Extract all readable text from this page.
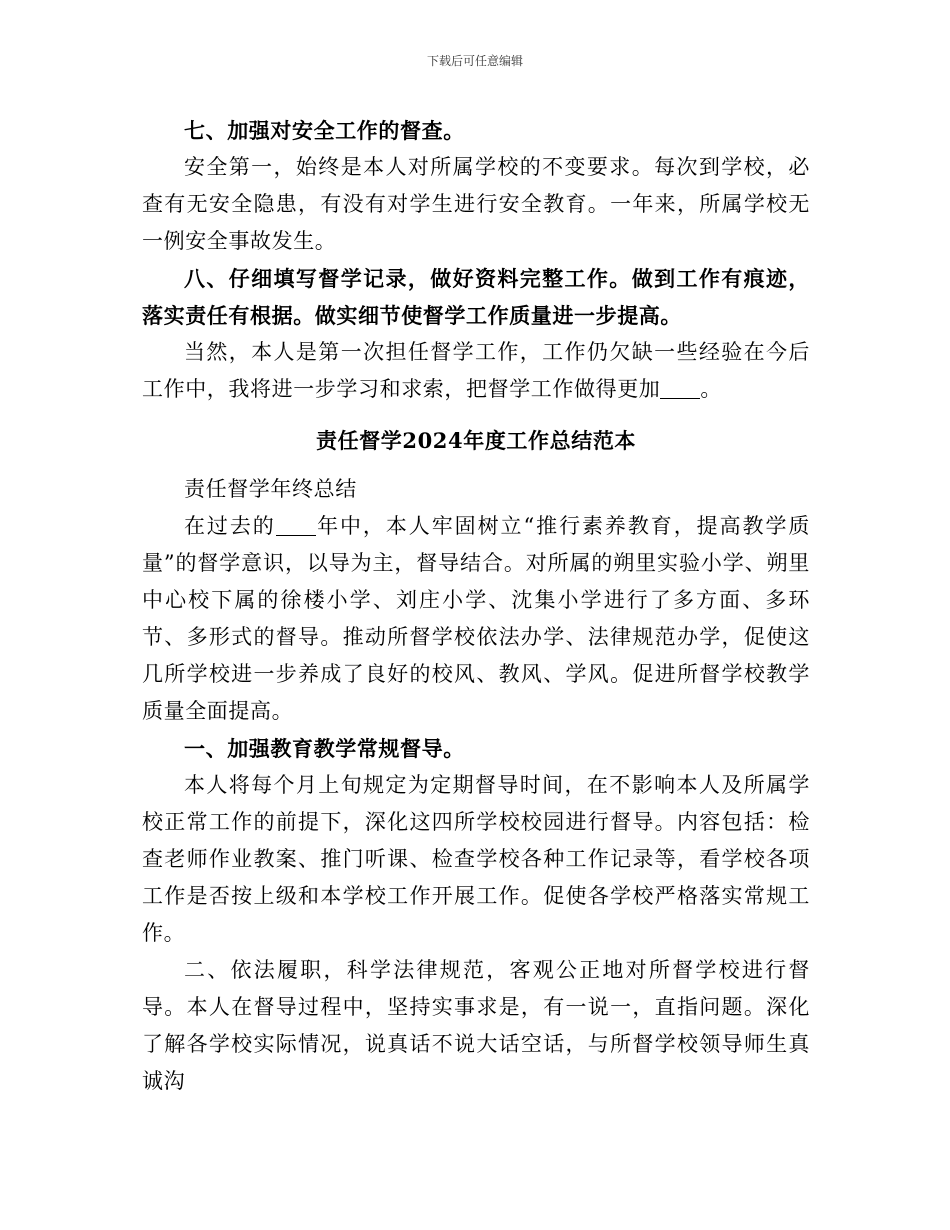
下载后可任意编辑

七、加强对安全工作的督查。

安全第一，始终是本人对所属学校的不变要求。每次到学校，必查有无安全隐患，有没有对学生进行安全教育。一年来，所属学校无一例安全事故发生。

八、仔细填写督学记录，做好资料完整工作。做到工作有痕迹，落实责任有根据。做实细节使督学工作质量进一步提高。

当然，本人是第一次担任督学工作，工作仍欠缺一些经验在今后工作中，我将进一步学习和求索，把督学工作做得更加 。

责任督学2024年度工作总结范本

责任督学年终总结

在过去的 年中，本人牢固树立“推行素养教育，提高教学质量”的督学意识，以导为主，督导结合。对所属的朔里实验小学、朔里中心校下属的徐楼小学、刘庄小学、沈集小学进行了多方面、多环节、多形式的督导。推动所督学校依法办学、法律规范办学，促使这几所学校进一步养成了良好的校风、教风、学风。促进所督学校教学质量全面提高。

一、加强教育教学常规督导。

本人将每个月上旬规定为定期督导时间，在不影响本人及所属学校正常工作的前提下，深化这四所学校校园进行督导。内容包括：检查老师作业教案、推门听课、检查学校各种工作记录等，看学校各项工作是否按上级和本学校工作开展工作。促使各学校严格落实常规工作。

二、依法履职，科学法律规范，客观公正地对所督学校进行督导。本人在督导过程中，坚持实事求是，有一说一，直指问题。深化了解各学校实际情况，说真话不说大话空话，与所督学校领导师生真诚沟
